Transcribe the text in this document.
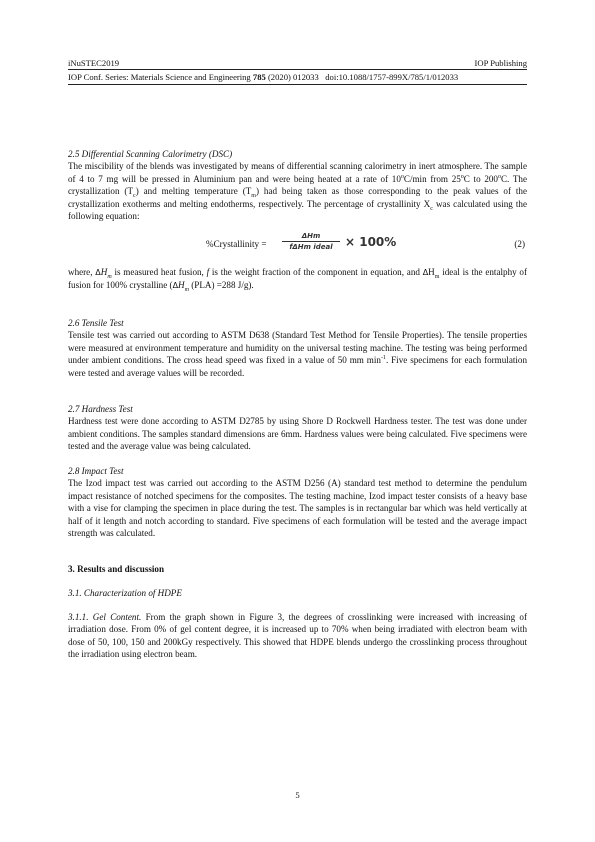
iNuSTEC2019	IOP Publishing
IOP Conf. Series: Materials Science and Engineering 785 (2020) 012033 doi:10.1088/1757-899X/785/1/012033

2.5 Differential Scanning Calorimetry (DSC)

The miscibility of the blends was investigated by means of differential scanning calorimetry in inert atmosphere. The sample of 4 to 7 mg will be pressed in Aluminium pan and were being heated at a rate of 10$^o$C/min from 25$^o$C to 200$^o$C. The crystallization $(T_c)$ and melting temperature $(T_m)$ had being taken as those corresponding to the peak values of the crystallization exotherms and melting endotherms, respectively. The percentage of crystallinity $X_c$ was calculated using the following equation:

%Crystallinity =
ΔHm
fΔHm ideal	× 100%	(2)

where, $\Delta H_m$ is measured heat fusion, f is the weight fraction of the component in equation, and $\Delta H_m$ ideal is the entalphy of fusion for 100% crystalline ($\Delta H_m$ (PLA) =288 J/g).

2.6 Tensile Test

Tensile test was carried out according to ASTM D638 (Standard Test Method for Tensile Properties). The tensile properties were measured at environment temperature and humidity on the universal testing machine. The testing was being performed under ambient conditions. The cross head speed was fixed in a value of 50 mm $\min^{-1}$. Five specimens for each formulation were tested and average values will be recorded.

2.7 Hardness Test

Hardness test were done according to ASTM D2785 by using Shore D Rockwell Hardness tester. The test was done under ambient conditions. The samples standard dimensions are 6mm. Hardness values were being calculated. Five specimens were tested and the average value was being calculated.

2.8 Impact Test

The Izod impact test was carried out according to the ASTM D256 (A) standard test method to determine the pendulum impact resistance of notched specimens for the composites. The testing machine, Izod impact tester consists of a heavy base with a vise for clamping the specimen in place during the test. The samples is in rectangular bar which was held vertically at half of it length and notch according to standard. Five specimens of each formulation will be tested and the average impact strength was calculated.

3. Results and discussion

3.1. Characterization of HDPE

3.1.1. Gel Content. From the graph shown in Figure 3, the degrees of crosslinking were increased with increasing of irradiation dose. From 0% of gel content degree, it is increased up to 70% when being irradiated with electron beam with dose of 50, 100, 150 and 200kGy respectively. This showed that HDPE blends undergo the crosslinking process throughout the irradiation using electron beam.

5
